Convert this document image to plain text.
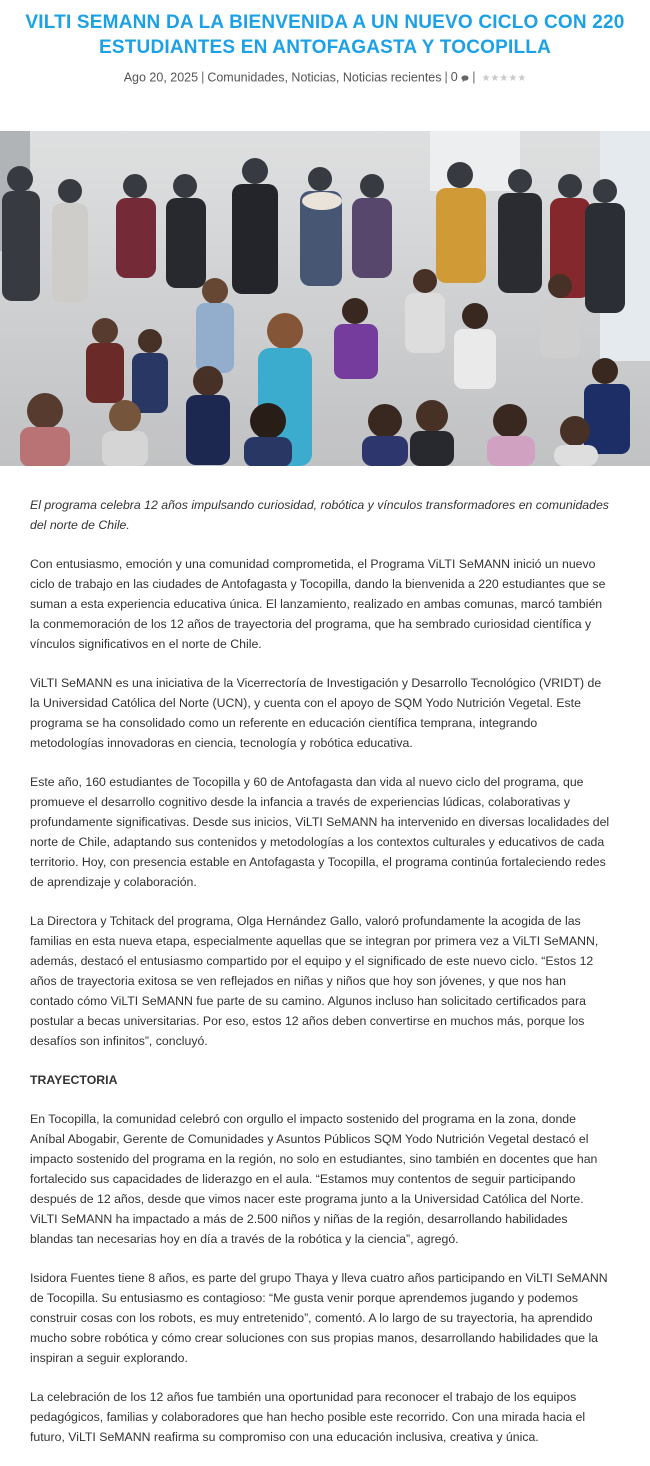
VILTI SEMANN DA LA BIENVENIDA A UN NUEVO CICLO CON 220 ESTUDIANTES EN ANTOFAGASTA Y TOCOPILLA
Ago 20, 2025 | Comunidades, Noticias, Noticias recientes | 0 | ★★★★★

El programa celebra 12 años impulsando curiosidad, robótica y vínculos transformadores en comunidades del norte de Chile.

Con entusiasmo, emoción y una comunidad comprometida, el Programa ViLTI SeMANN inició un nuevo ciclo de trabajo en las ciudades de Antofagasta y Tocopilla, dando la bienvenida a 220 estudiantes que se suman a esta experiencia educativa única. El lanzamiento, realizado en ambas comunas, marcó también la conmemoración de los 12 años de trayectoria del programa, que ha sembrado curiosidad científica y vínculos significativos en el norte de Chile.

ViLTI SeMANN es una iniciativa de la Vicerrectoría de Investigación y Desarrollo Tecnológico (VRIDT) de la Universidad Católica del Norte (UCN), y cuenta con el apoyo de SQM Yodo Nutrición Vegetal. Este programa se ha consolidado como un referente en educación científica temprana, integrando metodologías innovadoras en ciencia, tecnología y robótica educativa.

Este año, 160 estudiantes de Tocopilla y 60 de Antofagasta dan vida al nuevo ciclo del programa, que promueve el desarrollo cognitivo desde la infancia a través de experiencias lúdicas, colaborativas y profundamente significativas. Desde sus inicios, ViLTI SeMANN ha intervenido en diversas localidades del norte de Chile, adaptando sus contenidos y metodologías a los contextos culturales y educativos de cada territorio. Hoy, con presencia estable en Antofagasta y Tocopilla, el programa continúa fortaleciendo redes de aprendizaje y colaboración.

La Directora y Tchitack del programa, Olga Hernández Gallo, valoró profundamente la acogida de las familias en esta nueva etapa, especialmente aquellas que se integran por primera vez a ViLTI SeMANN, además, destacó el entusiasmo compartido por el equipo y el significado de este nuevo ciclo. “Estos 12 años de trayectoria exitosa se ven reflejados en niñas y niños que hoy son jóvenes, y que nos han contado cómo ViLTI SeMANN fue parte de su camino. Algunos incluso han solicitado certificados para postular a becas universitarias. Por eso, estos 12 años deben convertirse en muchos más, porque los desafíos son infinitos”, concluyó.

TRAYECTORIA

En Tocopilla, la comunidad celebró con orgullo el impacto sostenido del programa en la zona, donde Aníbal Abogabir, Gerente de Comunidades y Asuntos Públicos SQM Yodo Nutrición Vegetal destacó el impacto sostenido del programa en la región, no solo en estudiantes, sino también en docentes que han fortalecido sus capacidades de liderazgo en el aula. “Estamos muy contentos de seguir participando después de 12 años, desde que vimos nacer este programa junto a la Universidad Católica del Norte. ViLTI SeMANN ha impactado a más de 2.500 niños y niñas de la región, desarrollando habilidades blandas tan necesarias hoy en día a través de la robótica y la ciencia”, agregó.

Isidora Fuentes tiene 8 años, es parte del grupo Thaya y lleva cuatro años participando en ViLTI SeMANN de Tocopilla. Su entusiasmo es contagioso: “Me gusta venir porque aprendemos jugando y podemos construir cosas con los robots, es muy entretenido”, comentó. A lo largo de su trayectoria, ha aprendido mucho sobre robótica y cómo crear soluciones con sus propias manos, desarrollando habilidades que la inspiran a seguir explorando.

La celebración de los 12 años fue también una oportunidad para reconocer el trabajo de los equipos pedagógicos, familias y colaboradores que han hecho posible este recorrido. Con una mirada hacia el futuro, ViLTI SeMANN reafirma su compromiso con una educación inclusiva, creativa y única.
